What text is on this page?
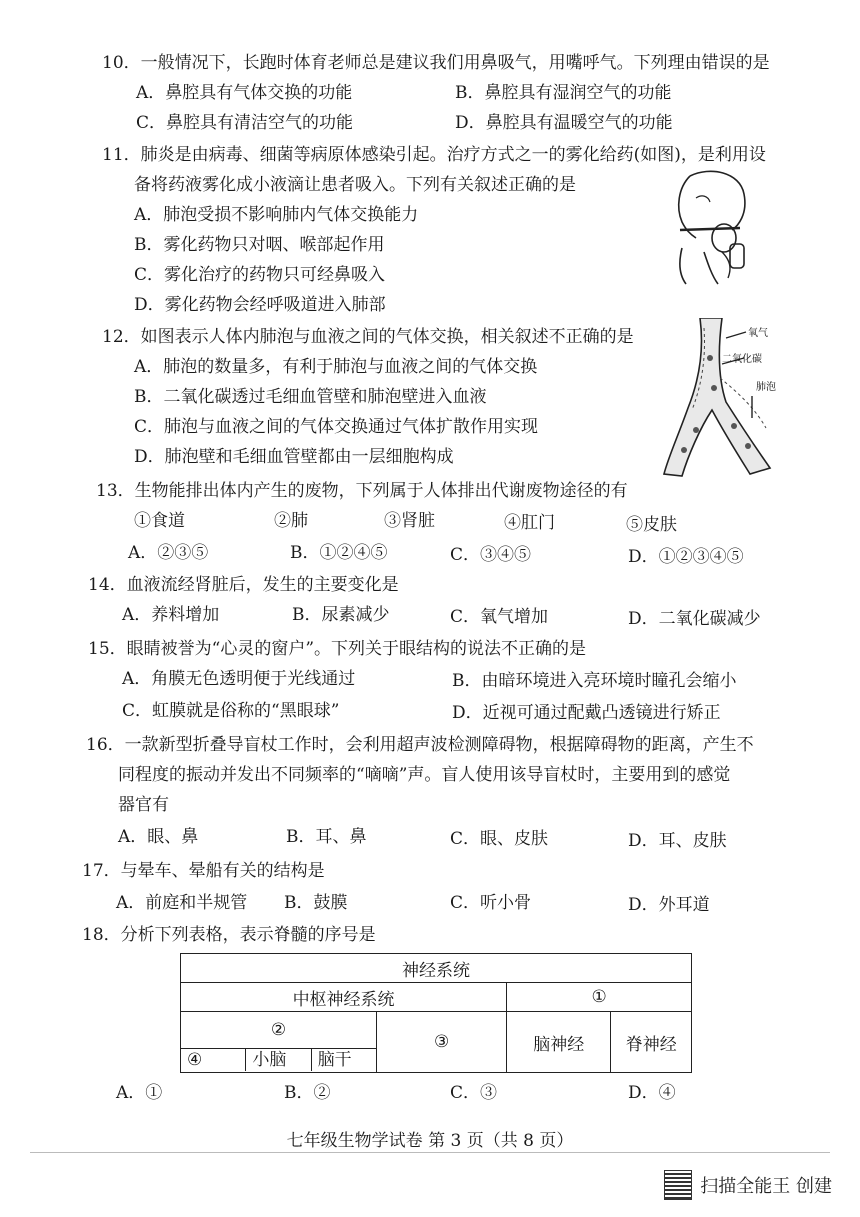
10．一般情况下，长跑时体育老师总是建议我们用鼻吸气，用嘴呼气。下列理由错误的是
A．鼻腔具有气体交换的功能	B．鼻腔具有湿润空气的功能
C．鼻腔具有清洁空气的功能	D．鼻腔具有温暖空气的功能
11．肺炎是由病毒、细菌等病原体感染引起。治疗方式之一的雾化给药(如图)，是利用设
备将药液雾化成小液滴让患者吸入。下列有关叙述正确的是
A．肺泡受损不影响肺内气体交换能力
B．雾化药物只对咽、喉部起作用
C．雾化治疗的药物只可经鼻吸入
D．雾化药物会经呼吸道进入肺部
12．如图表示人体内肺泡与血液之间的气体交换，相关叙述不正确的是
A．肺泡的数量多，有利于肺泡与血液之间的气体交换
B．二氧化碳透过毛细血管壁和肺泡壁进入血液
C．肺泡与血液之间的气体交换通过气体扩散作用实现
D．肺泡壁和毛细血管壁都由一层细胞构成
氧气
二氧化碳
肺泡
13．生物能排出体内产生的废物，下列属于人体排出代谢废物途径的有
①食道	②肺	③肾脏	④肛门	⑤皮肤
A．②③⑤	B．①②④⑤	C．③④⑤	D．①②③④⑤
14．血液流经肾脏后，发生的主要变化是
A．养料增加	B．尿素减少	C．氧气增加	D．二氧化碳减少
15．眼睛被誉为“心灵的窗户”。下列关于眼结构的说法不正确的是
A．角膜无色透明便于光线通过	B．由暗环境进入亮环境时瞳孔会缩小
C．虹膜就是俗称的“黑眼球”	D．近视可通过配戴凸透镜进行矫正
16．一款新型折叠导盲杖工作时，会利用超声波检测障碍物，根据障碍物的距离，产生不
同程度的振动并发出不同频率的“嘀嘀”声。盲人使用该导盲杖时，主要用到的感觉
器官有
A．眼、鼻	B．耳、鼻	C．眼、皮肤	D．耳、皮肤
17．与晕车、晕船有关的结构是
A．前庭和半规管 B．鼓膜	C．听小骨	D．外耳道
18．分析下列表格，表示脊髓的序号是
神经系统			
中枢神经系统		①	

②
④ 小脑 脑干	③	脑神经	脊神经
A．①	B．②	C．③	D．④
七年级生物学试卷 第 3 页（共 8 页）
扫描全能王 创建
